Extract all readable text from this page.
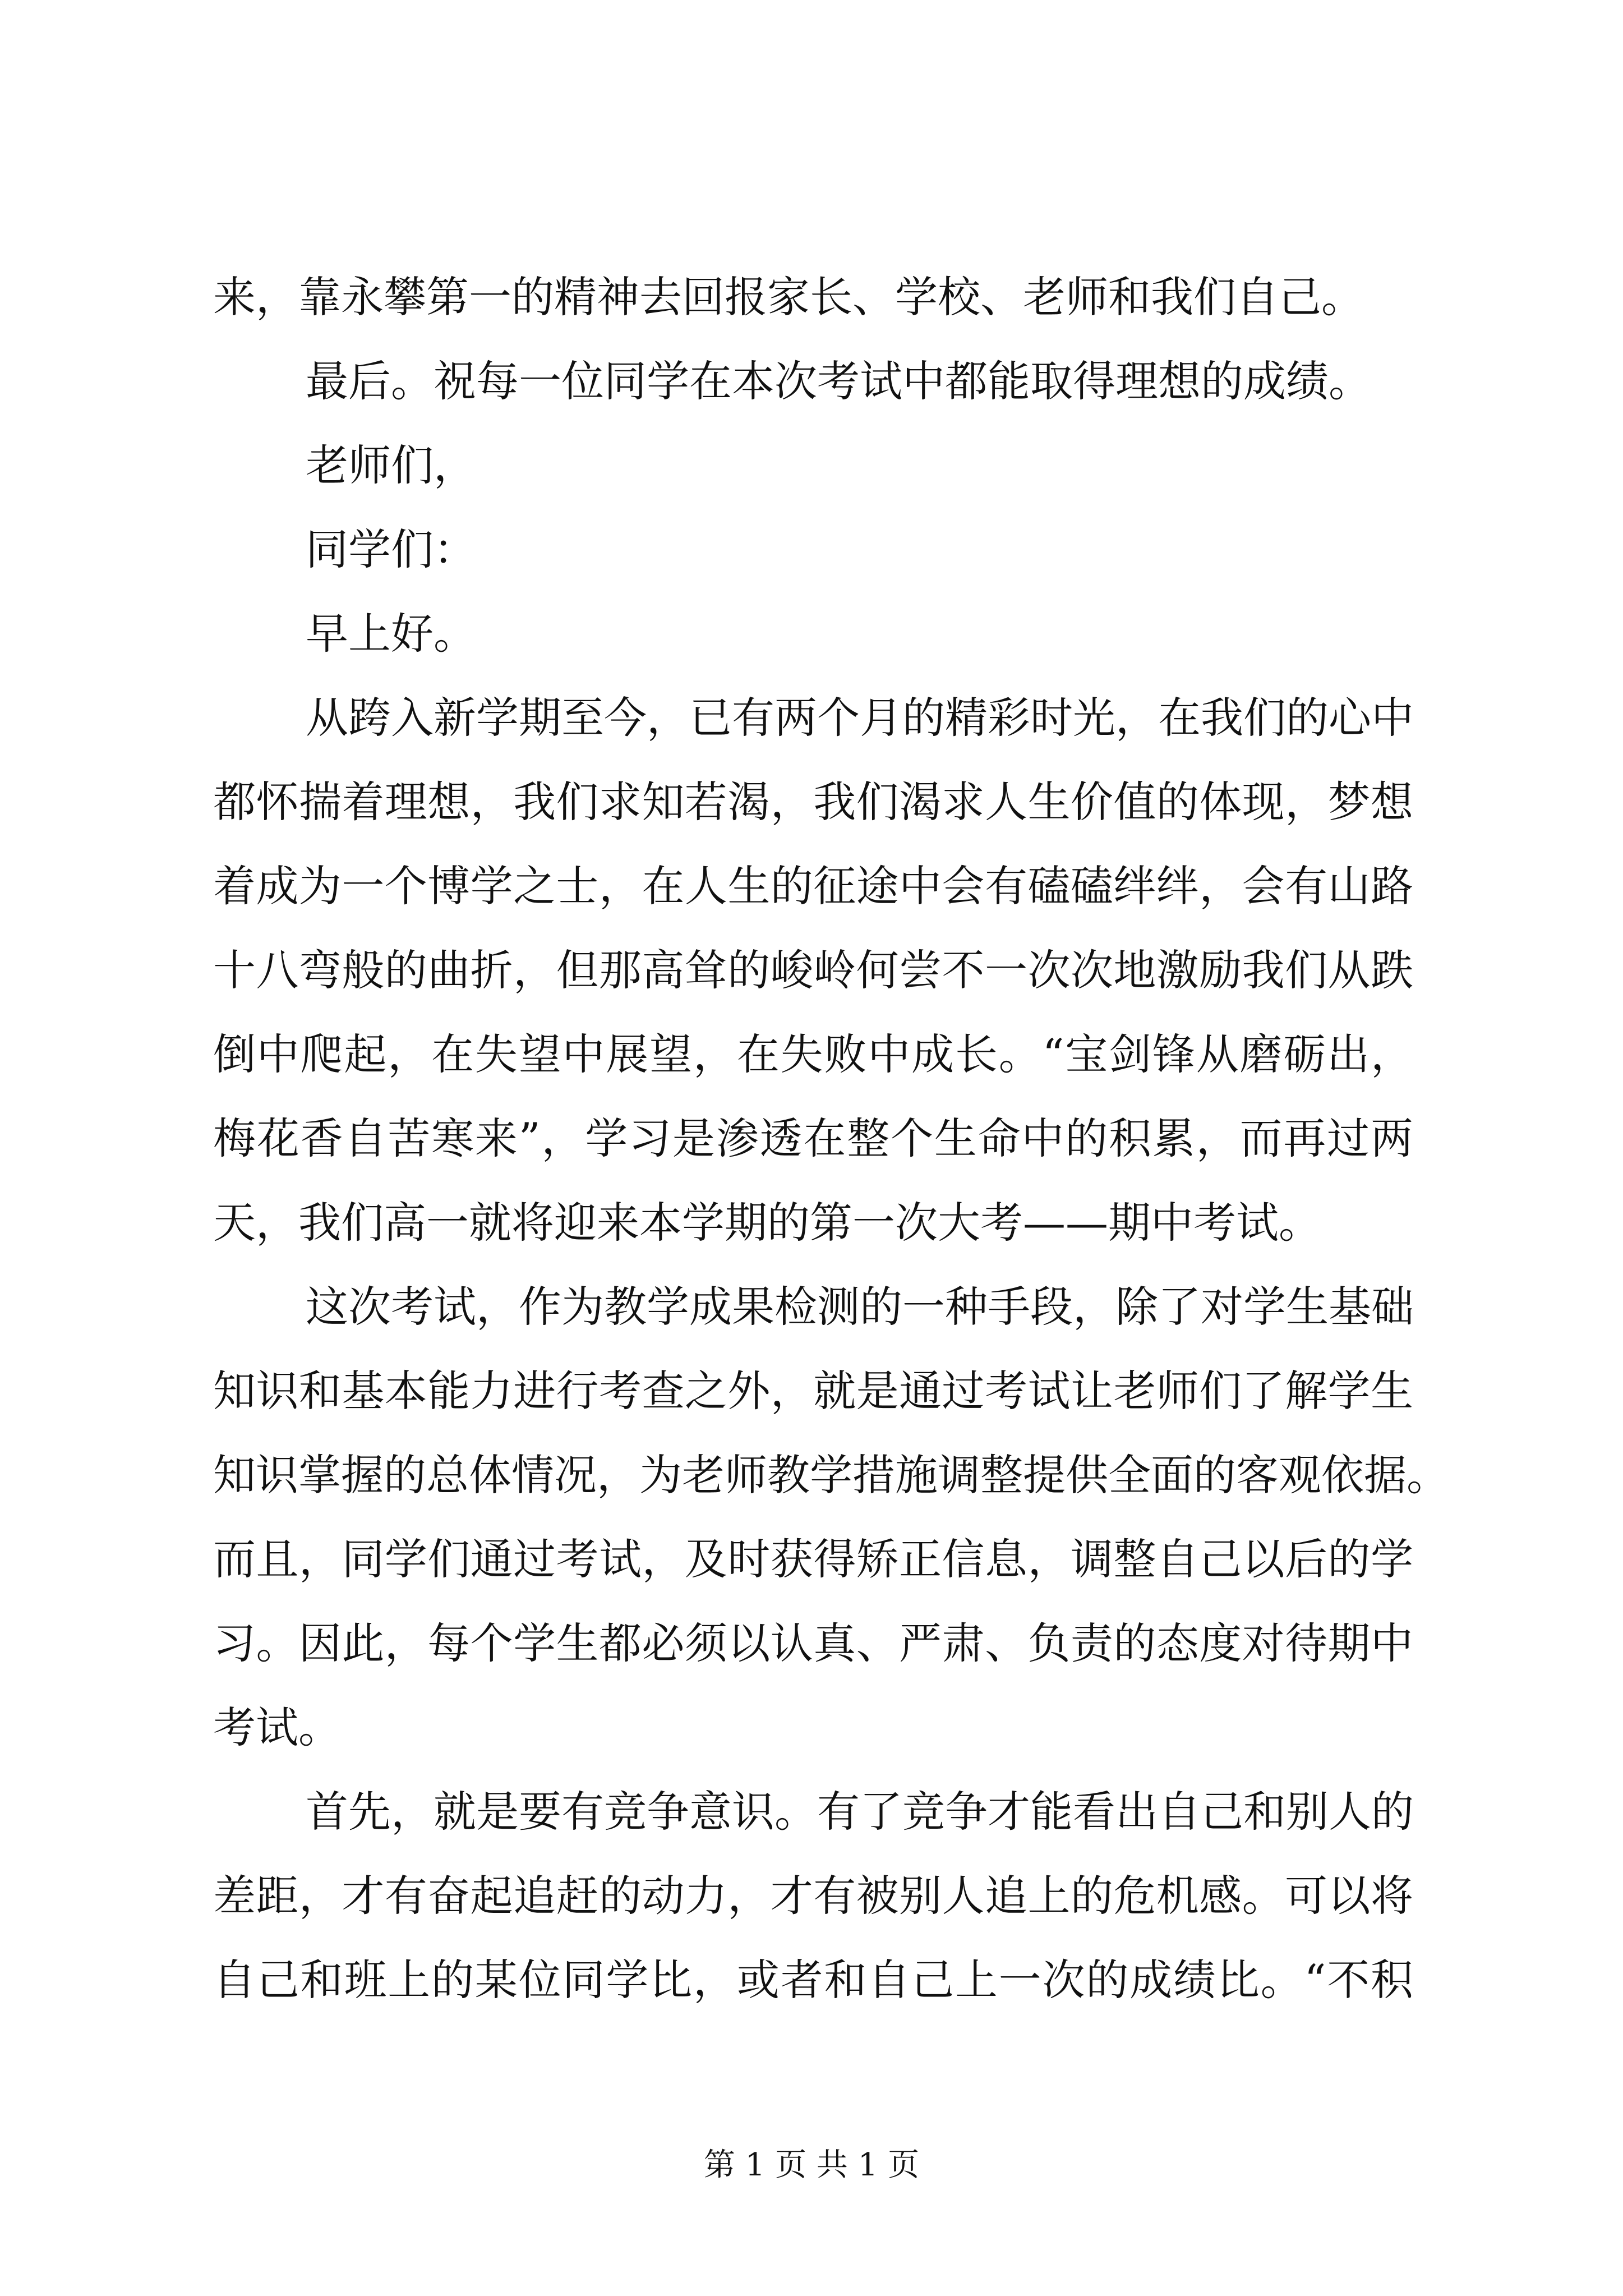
来，靠永攀第一的精神去回报家长、学校、老师和我们自己。
最后。祝每一位同学在本次考试中都能取得理想的成绩。
老师们，
同学们：
早上好。
从跨入新学期至今，已有两个月的精彩时光，在我们的心中
都怀揣着理想，我们求知若渴，我们渴求人生价值的体现，梦想
着成为一个博学之士，在人生的征途中会有磕磕绊绊，会有山路
十八弯般的曲折，但那高耸的峻岭何尝不一次次地激励我们从跌
倒中爬起，在失望中展望，在失败中成长。“宝剑锋从磨砺出，
梅花香自苦寒来”，学习是渗透在整个生命中的积累，而再过两
天，我们高一就将迎来本学期的第一次大考——期中考试。
这次考试，作为教学成果检测的一种手段，除了对学生基础
知识和基本能力进行考查之外，就是通过考试让老师们了解学生
知识掌握的总体情况，为老师教学措施调整提供全面的客观依据。
而且，同学们通过考试，及时获得矫正信息，调整自己以后的学
习。因此，每个学生都必须以认真、严肃、负责的态度对待期中
考试。
首先，就是要有竞争意识。有了竞争才能看出自己和别人的
差距，才有奋起追赶的动力，才有被别人追上的危机感。可以将
自己和班上的某位同学比，或者和自己上一次的成绩比。“不积
第 1 页 共 1 页
